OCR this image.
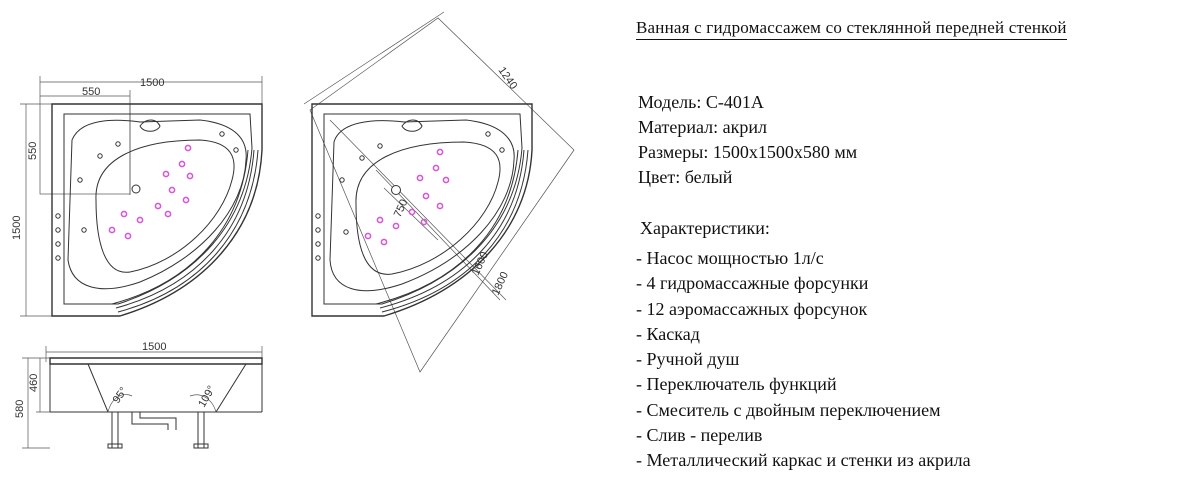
1500
550
1500
550
1500
580
460
95°	109°
1240
750
1600
1800
Ванная с гидромассажем со стеклянной передней стенкой
Модель: С-401А
Материал: акрил
Размеры: 1500х1500х580 мм
Цвет: белый
Характеристики:
- Насос мощностью 1л/с
- 4 гидромассажные форсунки
- 12 аэромассажных форсунок
- Каскад
- Ручной душ
- Переключатель функций
- Смеситель с двойным переключением
- Слив - перелив
- Металлический каркас и стенки из акрила
